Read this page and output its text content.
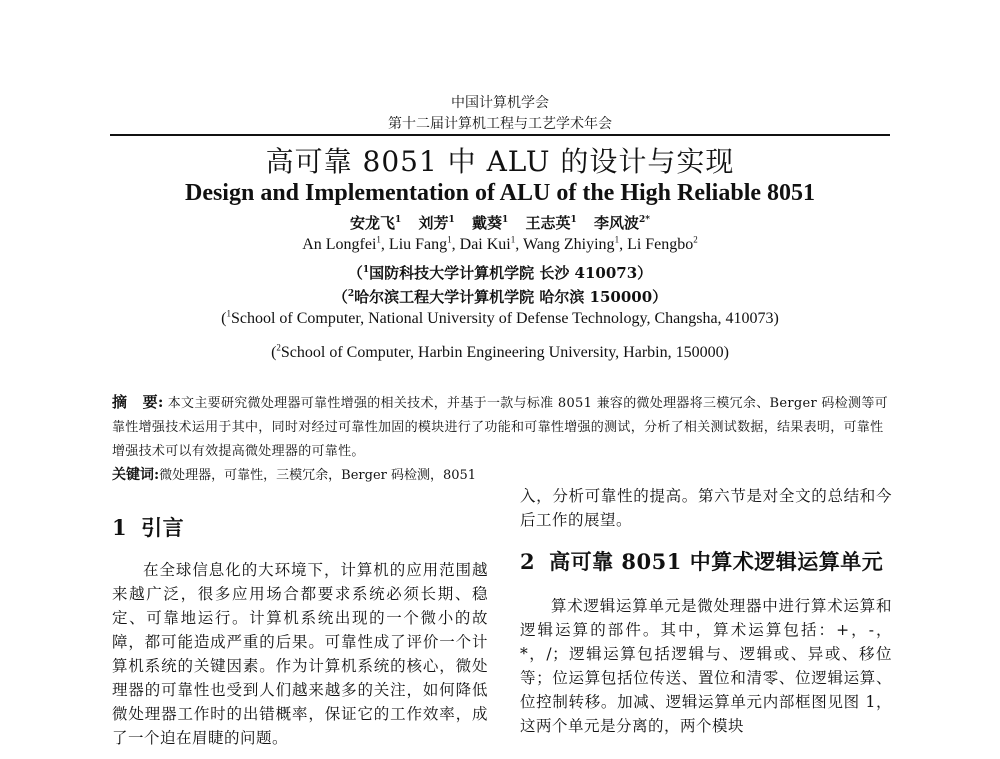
中国计算机学会
第十二届计算机工程与工艺学术年会
高可靠 8051 中 ALU 的设计与实现
Design and Implementation of ALU of the High Reliable 8051
安龙飞$^1$ 刘芳$^1$ 戴葵$^1$ 王志英$^1$ 李风波$^{2*}$
An Longfei$^1$, Liu Fang$^1$, Dai Kui$^1$, Wang Zhiying$^1$, Li Fengbo$^2$
（$^1$国防科技大学计算机学院 长沙 410073）
（$^2$哈尔滨工程大学计算机学院 哈尔滨 150000）
($^1$School of Computer, National University of Defense Technology, Changsha, 410073)
($^2$School of Computer, Harbin Engineering University, Harbin, 150000)
摘　要: 本文主要研究微处理器可靠性增强的相关技术，并基于一款与标准 8051 兼容的微处理器将三模冗余、Berger 码检测等可靠性增强技术运用于其中，同时对经过可靠性加固的模块进行了功能和可靠性增强的测试，分析了相关测试数据，结果表明，可靠性增强技术可以有效提高微处理器的可靠性。
关键词:微处理器，可靠性，三模冗余，Berger 码检测，8051
1 引言

在全球信息化的大环境下，计算机的应用范围越来越广泛，很多应用场合都要求系统必须长期、稳定、可靠地运行。计算机系统出现的一个微小的故障，都可能造成严重的后果。可靠性成了评价一个计算机系统的关键因素。作为计算机系统的核心，微处理器的可靠性也受到人们越来越多的关注，如何降低微处理器工作时的出错概率，保证它的工作效率，成了一个迫在眉睫的问题。

入，分析可靠性的提高。第六节是对全文的总结和今后工作的展望。

2 高可靠 8051 中算术逻辑运算单元

算术逻辑运算单元是微处理器中进行算术运算和逻辑运算的部件。其中，算术运算包括：+，-，*，/；逻辑运算包括逻辑与、逻辑或、异或、移位等；位运算包括位传送、置位和清零、位逻辑运算、位控制转移。加减、逻辑运算单元内部框图见图 1，这两个单元是分离的，两个模块
